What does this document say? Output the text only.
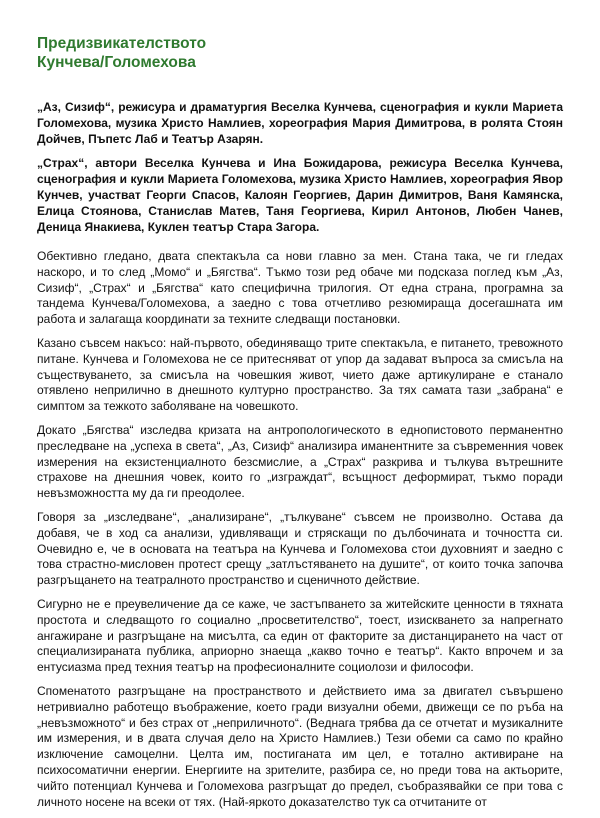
Предизвикателството
Кунчева/Голомехова

„Аз, Сизиф“, режисура и драматургия Веселка Кунчева, сценография и кукли Мариета Голомехова, музика Христо Намлиев, хореография Мария Димитрова, в ролята Стоян Дойчев, Пъпетс Лаб и Театър Азарян.

„Страх“, автори Веселка Кунчева и Ина Божидарова, режисура Веселка Кунчева, сценография и кукли Мариета Голомехова, музика Христо Намлиев, хореография Явор Кунчев, участват Георги Спасов, Калоян Георгиев, Дарин Димитров, Ваня Камянска, Елица Стоянова, Станислав Матев, Таня Георгиева, Кирил Антонов, Любен Чанев, Деница Янакиева, Куклен театър Стара Загора.

Обективно гледано, двата спектакъла са нови главно за мен. Стана така, че ги гледах наскоро, и то след „Момо“ и „Бягства“. Тъкмо този ред обаче ми подсказа поглед към „Аз, Сизиф“, „Страх“ и „Бягства“ като специфична трилогия. От една страна, програмна за тандема Кунчева/Голомехова, а заедно с това отчетливо резюмираща досегашната им работа и залагаща координати за техните следващи постановки.

Казано съвсем накъсо: най-първото, обединяващо трите спектакъла, е питането, тревожното питане. Кунчева и Голомехова не се притесняват от упор да задават въпроса за смисъла на съществуването, за смисъла на човешкия живот, чието даже артикулиране е станало отявлено неприлично в днешното културно пространство. За тях самата тази „забрана“ е симптом за тежкото заболяване на човешкото.

Докато „Бягства“ изследва кризата на антропологическото в еднопистовото перманентно преследване на „успеха в света“, „Аз, Сизиф“ анализира иманентните за съвременния човек измерения на екзистенциалното безсмислие, а „Страх“ разкрива и тълкува вътрешните страхове на днешния човек, които го „изграждат“, всъщност деформират, тъкмо поради невъзможността му да ги преодолее.

Говоря за „изследване“, „анализиране“, „тълкуване“ съвсем не произволно. Остава да добавя, че в ход са анализи, удивляващи и стряскащи по дълбочината и точността си. Очевидно е, че в основата на театъра на Кунчева и Голомехова стои духовният и заедно с това страстно-мисловен протест срещу „затлъстяването на душите“, от които точка започва разгръщането на театралното пространство и сценичното действие.

Сигурно не е преувеличение да се каже, че застъпването за житейските ценности в тяхната простота и следващото го социално „просветителство“, тоест, изискването за напрегнато ангажиране и разгръщане на мисълта, са един от факторите за дистанцирането на част от специализираната публика, априорно знаеща „какво точно е театър“. Както впрочем и за ентусиазма пред техния театър на професионалните социолози и философи.

Споменатото разгръщане на пространството и действието има за двигател съвършено нетривиално работещо въображение, което гради визуални обеми, движещи се по ръба на „невъзможното“ и без страх от „неприличното“. (Веднага трябва да се отчетат и музикалните им измерения, и в двата случая дело на Христо Намлиев.) Тези обеми са само по крайно изключение самоцелни. Целта им, постиганата им цел, е тотално активиране на психосоматични енергии. Енергиите на зрителите, разбира се, но преди това на актьорите, чийто потенциал Кунчева и Голомехова разгръщат до предел, съобразявайки се при това с личното носене на всеки от тях. (Най-яркото доказателство тук са отчитаните от
